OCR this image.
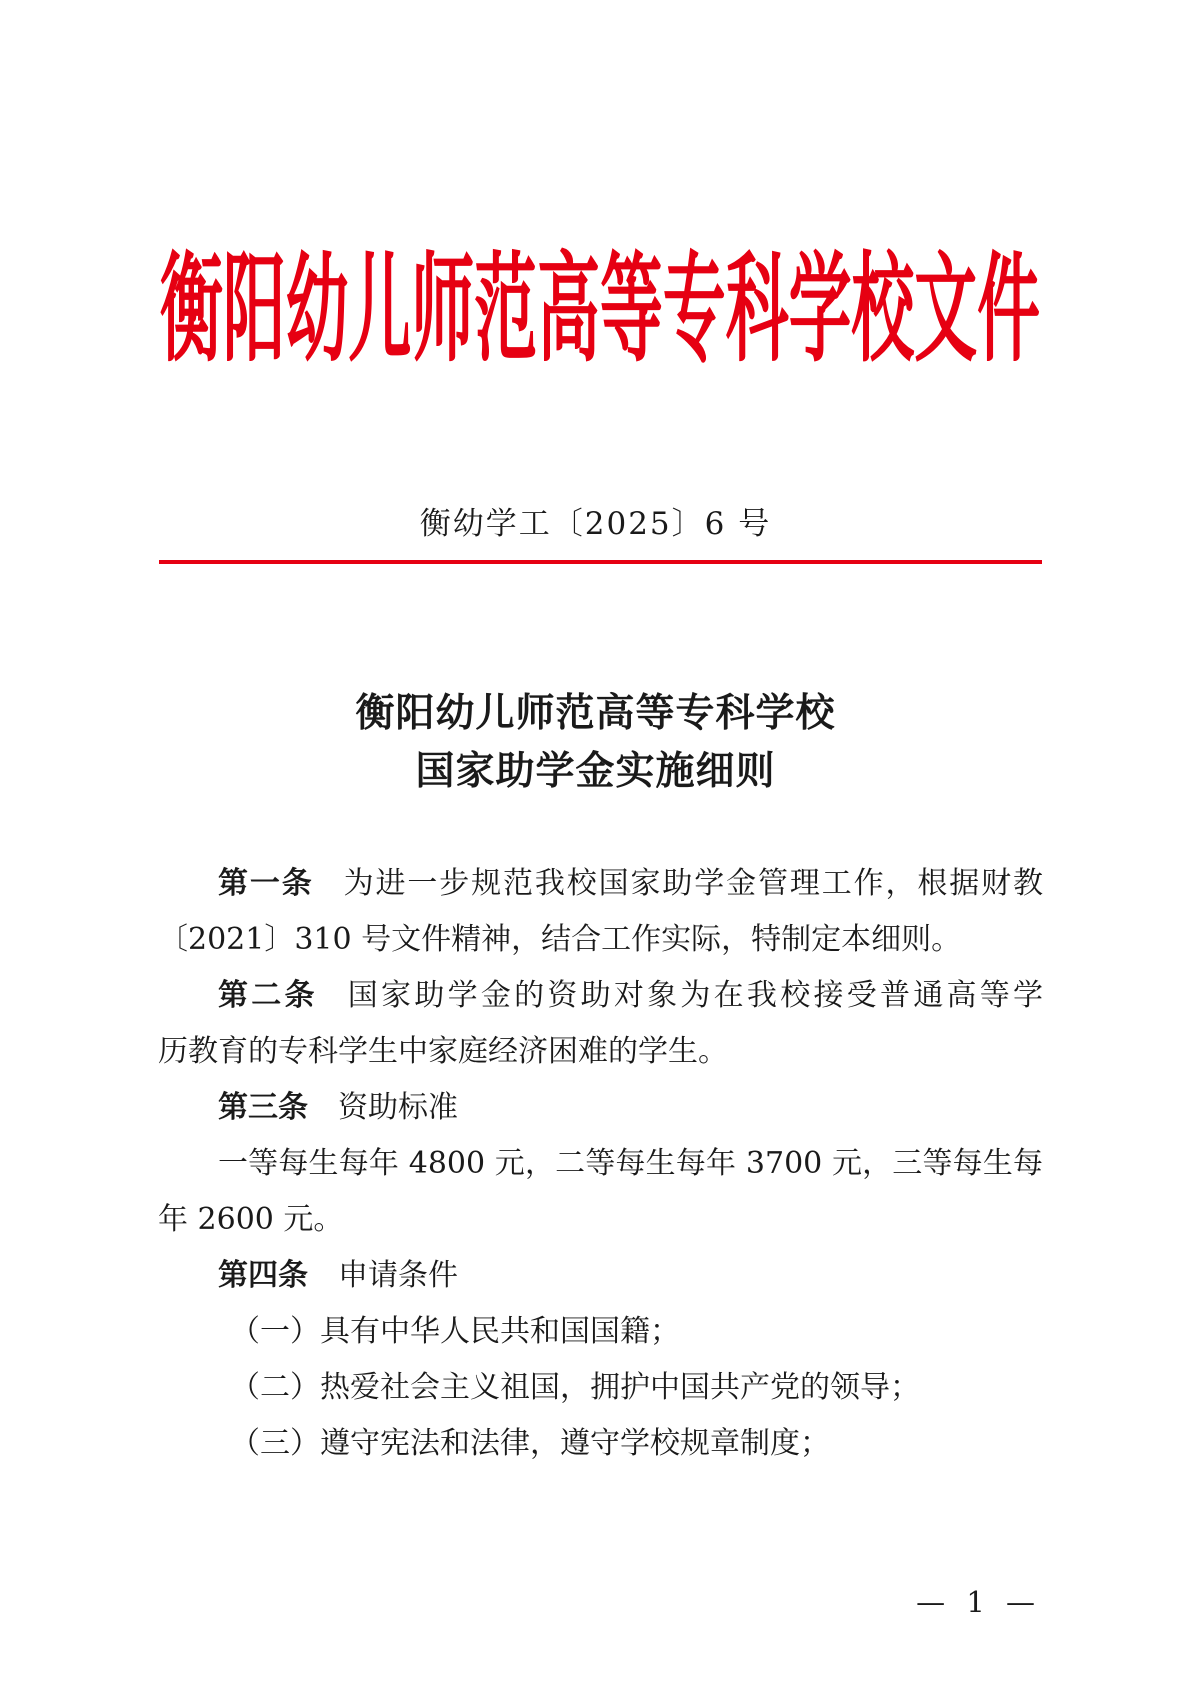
衡阳幼儿师范高等专科学校文件
衡幼学工〔2025〕6 号
衡阳幼儿师范高等专科学校
国家助学金实施细则

第一条 为进一步规范我校国家助学金管理工作，根据财教

〔2021〕310 号文件精神，结合工作实际，特制定本细则。

第二条 国家助学金的资助对象为在我校接受普通高等学

历教育的专科学生中家庭经济困难的学生。

第三条 资助标准

一等每生每年 4800 元，二等每生每年 3700 元，三等每生每

年 2600 元。

第四条 申请条件

（一）具有中华人民共和国国籍；

（二）热爱社会主义祖国，拥护中国共产党的领导；

（三）遵守宪法和法律，遵守学校规章制度；

— 1 —
